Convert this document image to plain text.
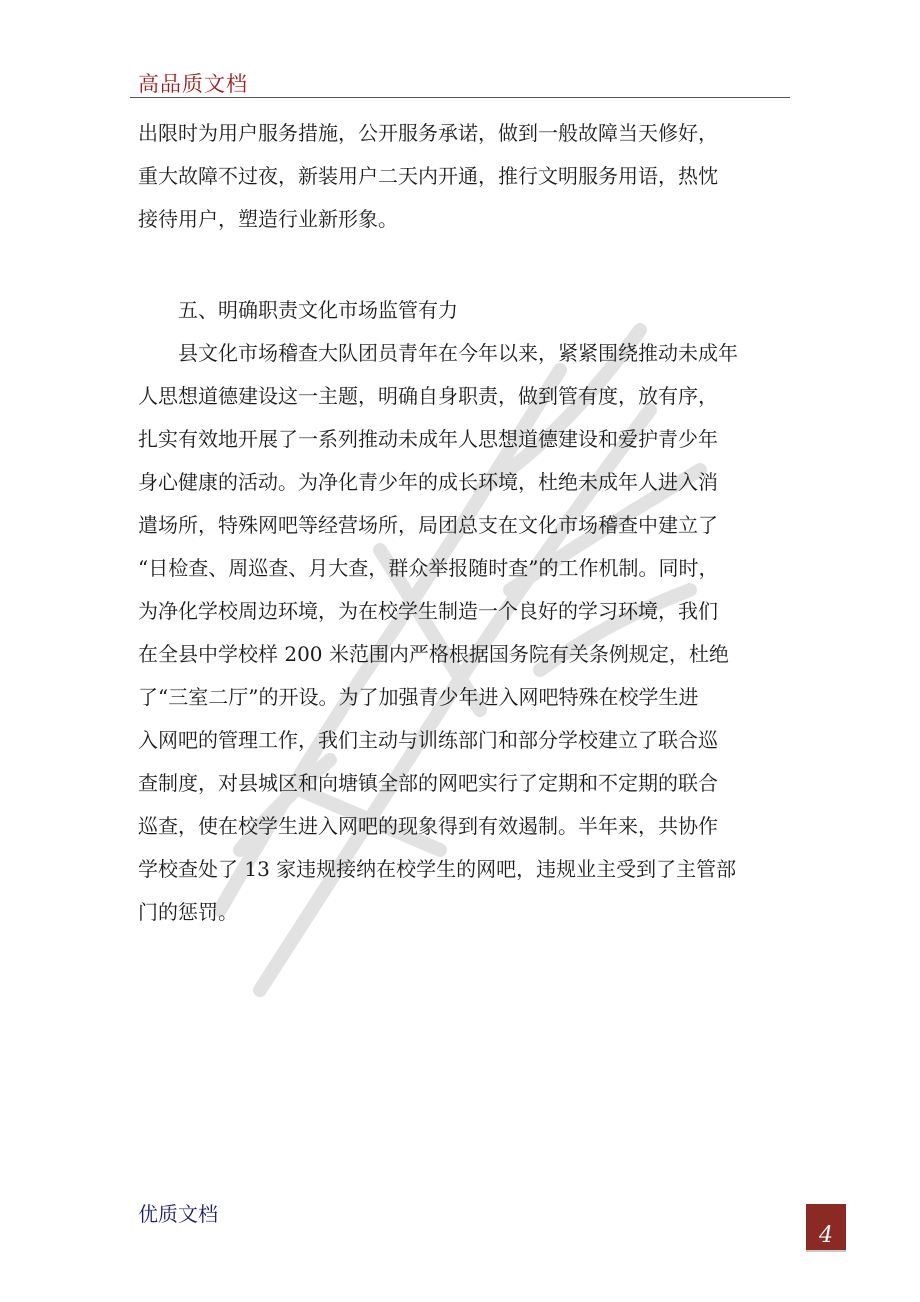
高品质文档
出限时为用户服务措施，公开服务承诺，做到一般故障当天修好，
重大故障不过夜，新装用户二天内开通，推行文明服务用语，热忱
接待用户，塑造行业新形象。
五、明确职责文化市场监管有力
县文化市场稽查大队团员青年在今年以来，紧紧围绕推动未成年
人思想道德建设这一主题，明确自身职责，做到管有度，放有序，
扎实有效地开展了一系列推动未成年人思想道德建设和爱护青少年
身心健康的活动。为净化青少年的成长环境，杜绝未成年人进入消
遣场所，特殊网吧等经营场所，局团总支在文化市场稽查中建立了
“日检查、周巡查、月大查，群众举报随时查”的工作机制。同时，
为净化学校周边环境，为在校学生制造一个良好的学习环境，我们
在全县中学校样 200 米范围内严格根据国务院有关条例规定，杜绝
了“三室二厅”的开设。为了加强青少年进入网吧特殊在校学生进
入网吧的管理工作，我们主动与训练部门和部分学校建立了联合巡
查制度，对县城区和向塘镇全部的网吧实行了定期和不定期的联合
巡查，使在校学生进入网吧的现象得到有效遏制。半年来，共协作
学校查处了 13 家违规接纳在校学生的网吧，违规业主受到了主管部
门的惩罚。
优质文档
4
